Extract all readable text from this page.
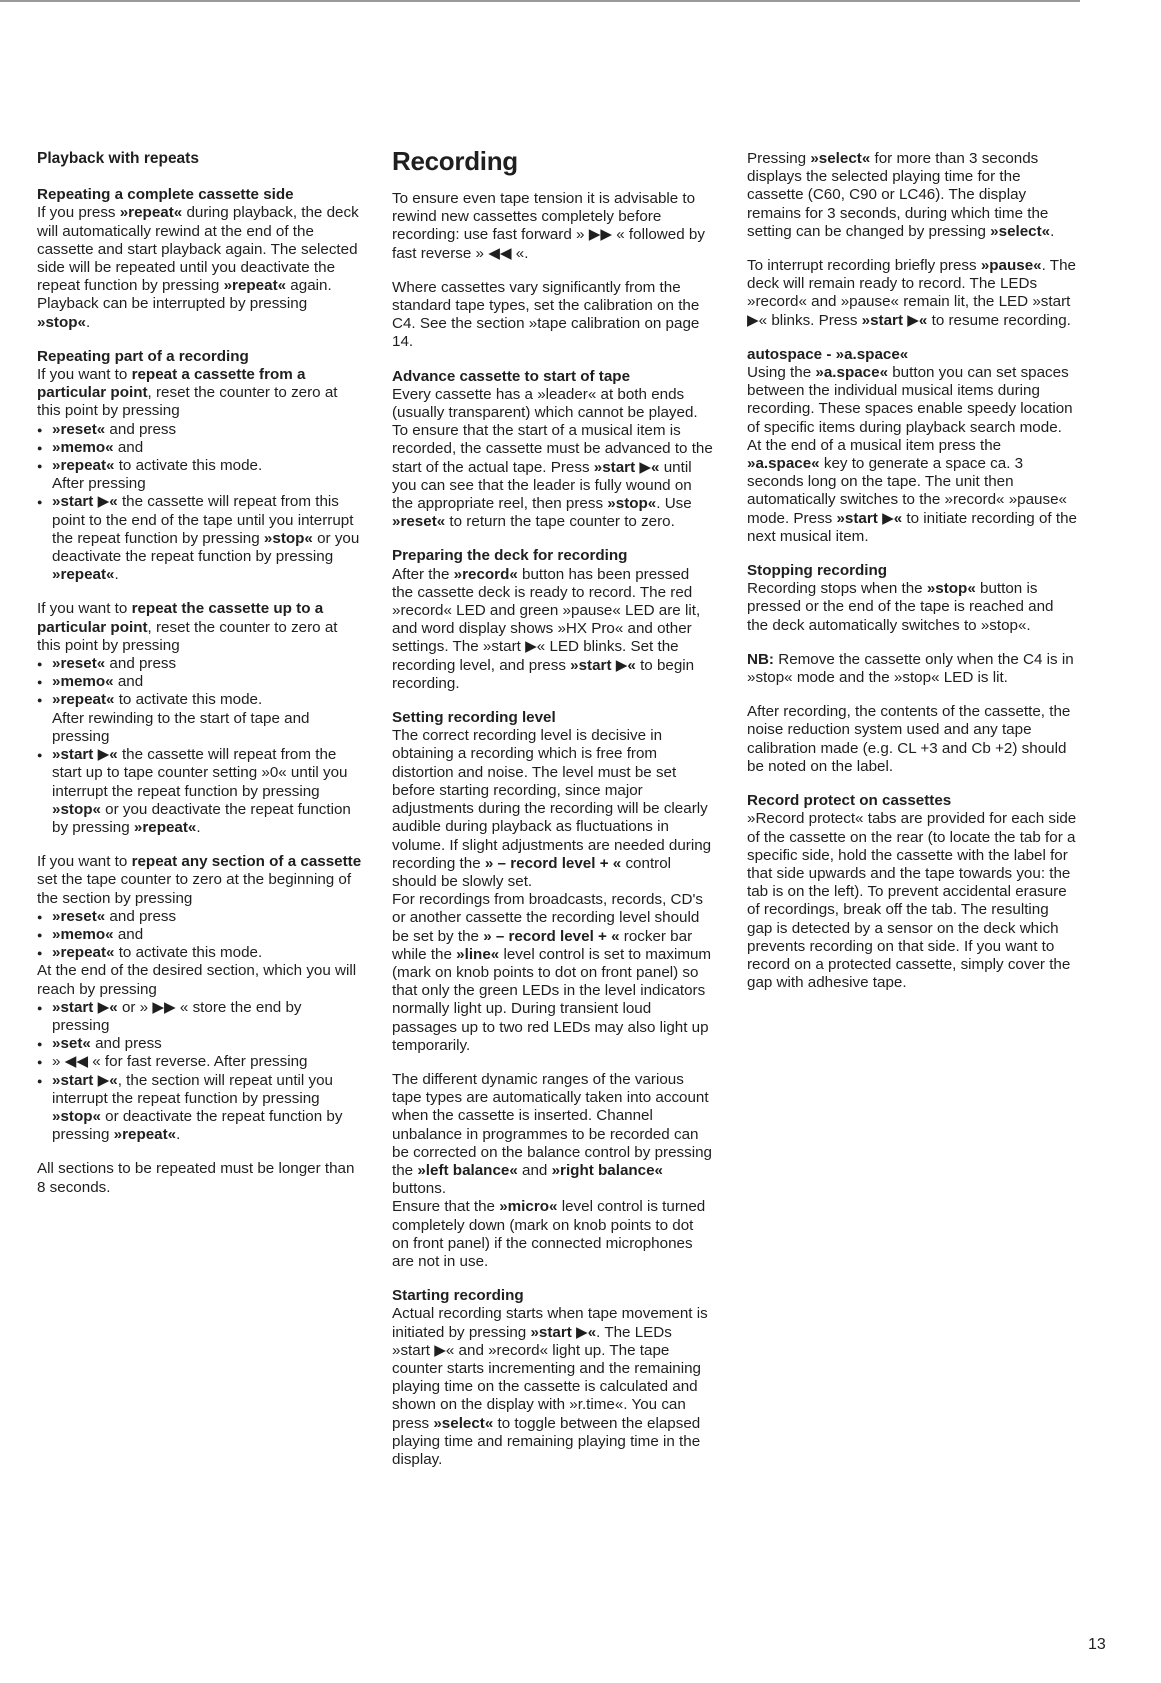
Playback with repeats

Repeating a complete cassette side
If you press »repeat« during playback, the deck will automatically rewind at the end of the cassette and start playback again. The selected side will be repeated until you deactivate the repeat function by pressing »repeat« again. Playback can be interrupted by pressing »stop«.

Repeating part of a recording
If you want to repeat a cassette from a particular point, reset the counter to zero at this point by pressing
● »reset« and press
● »memo« and
● »repeat« to activate this mode.
After pressing

● »start ▶« the cassette will repeat from this point to the end of the tape until you interrupt the repeat function by pressing »stop« or you deactivate the repeat function by pressing »repeat«.

If you want to repeat the cassette up to a particular point, reset the counter to zero at this point by pressing
● »reset« and press
● »memo« and
● »repeat« to activate this mode.
After rewinding to the start of tape and pressing

● »start ▶« the cassette will repeat from the start up to tape counter setting »0« until you interrupt the repeat function by pressing »stop« or you deactivate the repeat function by pressing »repeat«.

If you want to repeat any section of a cassette set the tape counter to zero at the beginning of the section by pressing
● »reset« and press
● »memo« and
● »repeat« to activate this mode.
At the end of the desired section, which you will reach by pressing
● »start ▶« or » ▶▶ « store the end by pressing
● »set« and press
● » ◀◀ « for fast reverse. After pressing

● »start ▶«, the section will repeat until you interrupt the repeat function by pressing »stop« or deactivate the repeat function by pressing »repeat«.

All sections to be repeated must be longer than 8 seconds.

Recording

To ensure even tape tension it is advisable to rewind new cassettes completely before recording: use fast forward » ▶▶ « followed by fast reverse » ◀◀ «.

Where cassettes vary significantly from the standard tape types, set the calibration on the C4. See the section »tape calibration on page 14.

Advance cassette to start of tape
Every cassette has a »leader« at both ends (usually transparent) which cannot be played. To ensure that the start of a musical item is recorded, the cassette must be advanced to the start of the actual tape. Press »start ▶« until you can see that the leader is fully wound on the appropriate reel, then press »stop«. Use »reset« to return the tape counter to zero.

Preparing the deck for recording
After the »record« button has been pressed the cassette deck is ready to record. The red »record« LED and green »pause« LED are lit, and word display shows »HX Pro« and other settings. The »start ▶« LED blinks. Set the recording level, and press »start ▶« to begin recording.

Setting recording level
The correct recording level is decisive in obtaining a recording which is free from distortion and noise. The level must be set before starting recording, since major adjustments during the recording will be clearly audible during playback as fluctuations in volume. If slight adjustments are needed during recording the » – record level + « control should be slowly set.

For recordings from broadcasts, records, CD's or another cassette the recording level should be set by the » – record level + « rocker bar while the »line« level control is set to maximum (mark on knob points to dot on front panel) so that only the green LEDs in the level indicators normally light up. During transient loud passages up to two red LEDs may also light up temporarily.

The different dynamic ranges of the various tape types are automatically taken into account when the cassette is inserted. Channel unbalance in programmes to be recorded can be corrected on the balance control by pressing the »left balance« and »right balance« buttons.

Ensure that the »micro« level control is turned completely down (mark on knob points to dot on front panel) if the connected microphones are not in use.

Starting recording
Actual recording starts when tape movement is initiated by pressing »start ▶«. The LEDs »start ▶« and »record« light up. The tape counter starts incrementing and the remaining playing time on the cassette is calculated and shown on the display with »r.time«. You can press »select« to toggle between the elapsed playing time and remaining playing time in the display.

Pressing »select« for more than 3 seconds displays the selected playing time for the cassette (C60, C90 or LC46). The display remains for 3 seconds, during which time the setting can be changed by pressing »select«.

To interrupt recording briefly press »pause«. The deck will remain ready to record. The LEDs »record« and »pause« remain lit, the LED »start ▶« blinks. Press »start ▶« to resume recording.

autospace - »a.space«
Using the »a.space« button you can set spaces between the individual musical items during recording. These spaces enable speedy location of specific items during playback search mode. At the end of a musical item press the »a.space« key to generate a space ca. 3 seconds long on the tape. The unit then automatically switches to the »record« »pause« mode. Press »start ▶« to initiate recording of the next musical item.

Stopping recording
Recording stops when the »stop« button is pressed or the end of the tape is reached and the deck automatically switches to »stop«.

NB: Remove the cassette only when the C4 is in »stop« mode and the »stop« LED is lit.

After recording, the contents of the cassette, the noise reduction system used and any tape calibration made (e.g. CL +3 and Cb +2) should be noted on the label.

Record protect on cassettes
»Record protect« tabs are provided for each side of the cassette on the rear (to locate the tab for a specific side, hold the cassette with the label for that side upwards and the tape towards you: the tab is on the left). To prevent accidental erasure of recordings, break off the tab. The resulting gap is detected by a sensor on the deck which prevents recording on that side. If you want to record on a protected cassette, simply cover the gap with adhesive tape.

13
